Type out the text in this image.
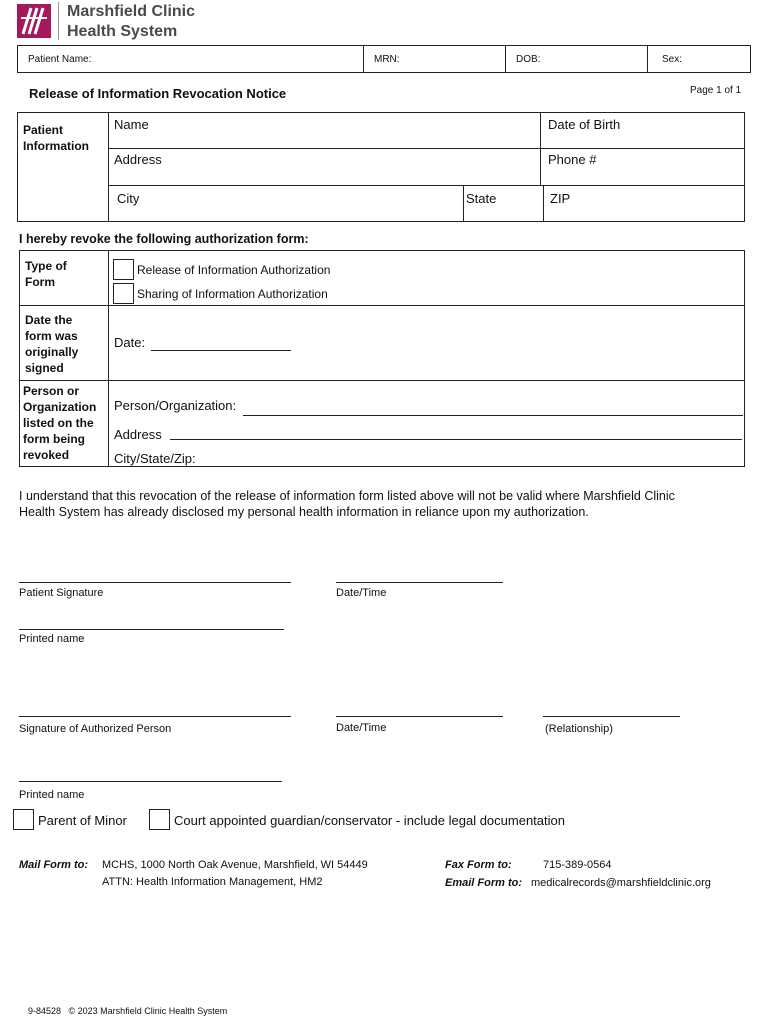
Marshfield Clinic
Health System
Patient Name:	MRN:	DOB:	Sex:
Release of Information Revocation Notice	Page 1 of 1
Patient
Information
Name	Date of Birth
Address	Phone #
City	State	ZIP
I hereby revoke the following authorization form:
Type of
Form
Release of Information Authorization
Sharing of Information Authorization
Date the
form was
originally
signed
Date:
Person or
Organization
listed on the
form being
revoked
Person/Organization:
Address
City/State/Zip:
I understand that this revocation of the release of information form listed above will not be valid where Marshfield Clinic
Health System has already disclosed my personal health information in reliance upon my authorization.
Patient Signature	Date/Time
Printed name
Signature of Authorized Person	Date/Time	(Relationship)
Printed name
Parent of Minor	Court appointed guardian/conservator - include legal documentation
Mail Form to: MCHS, 1000 North Oak Avenue, Marshfield, WI 54449
ATTN: Health Information Management, HM2
Fax Form to:	715-389-0564
Email Form to: medicalrecords@marshfieldclinic.org
9-84528   © 2023 Marshfield Clinic Health System
